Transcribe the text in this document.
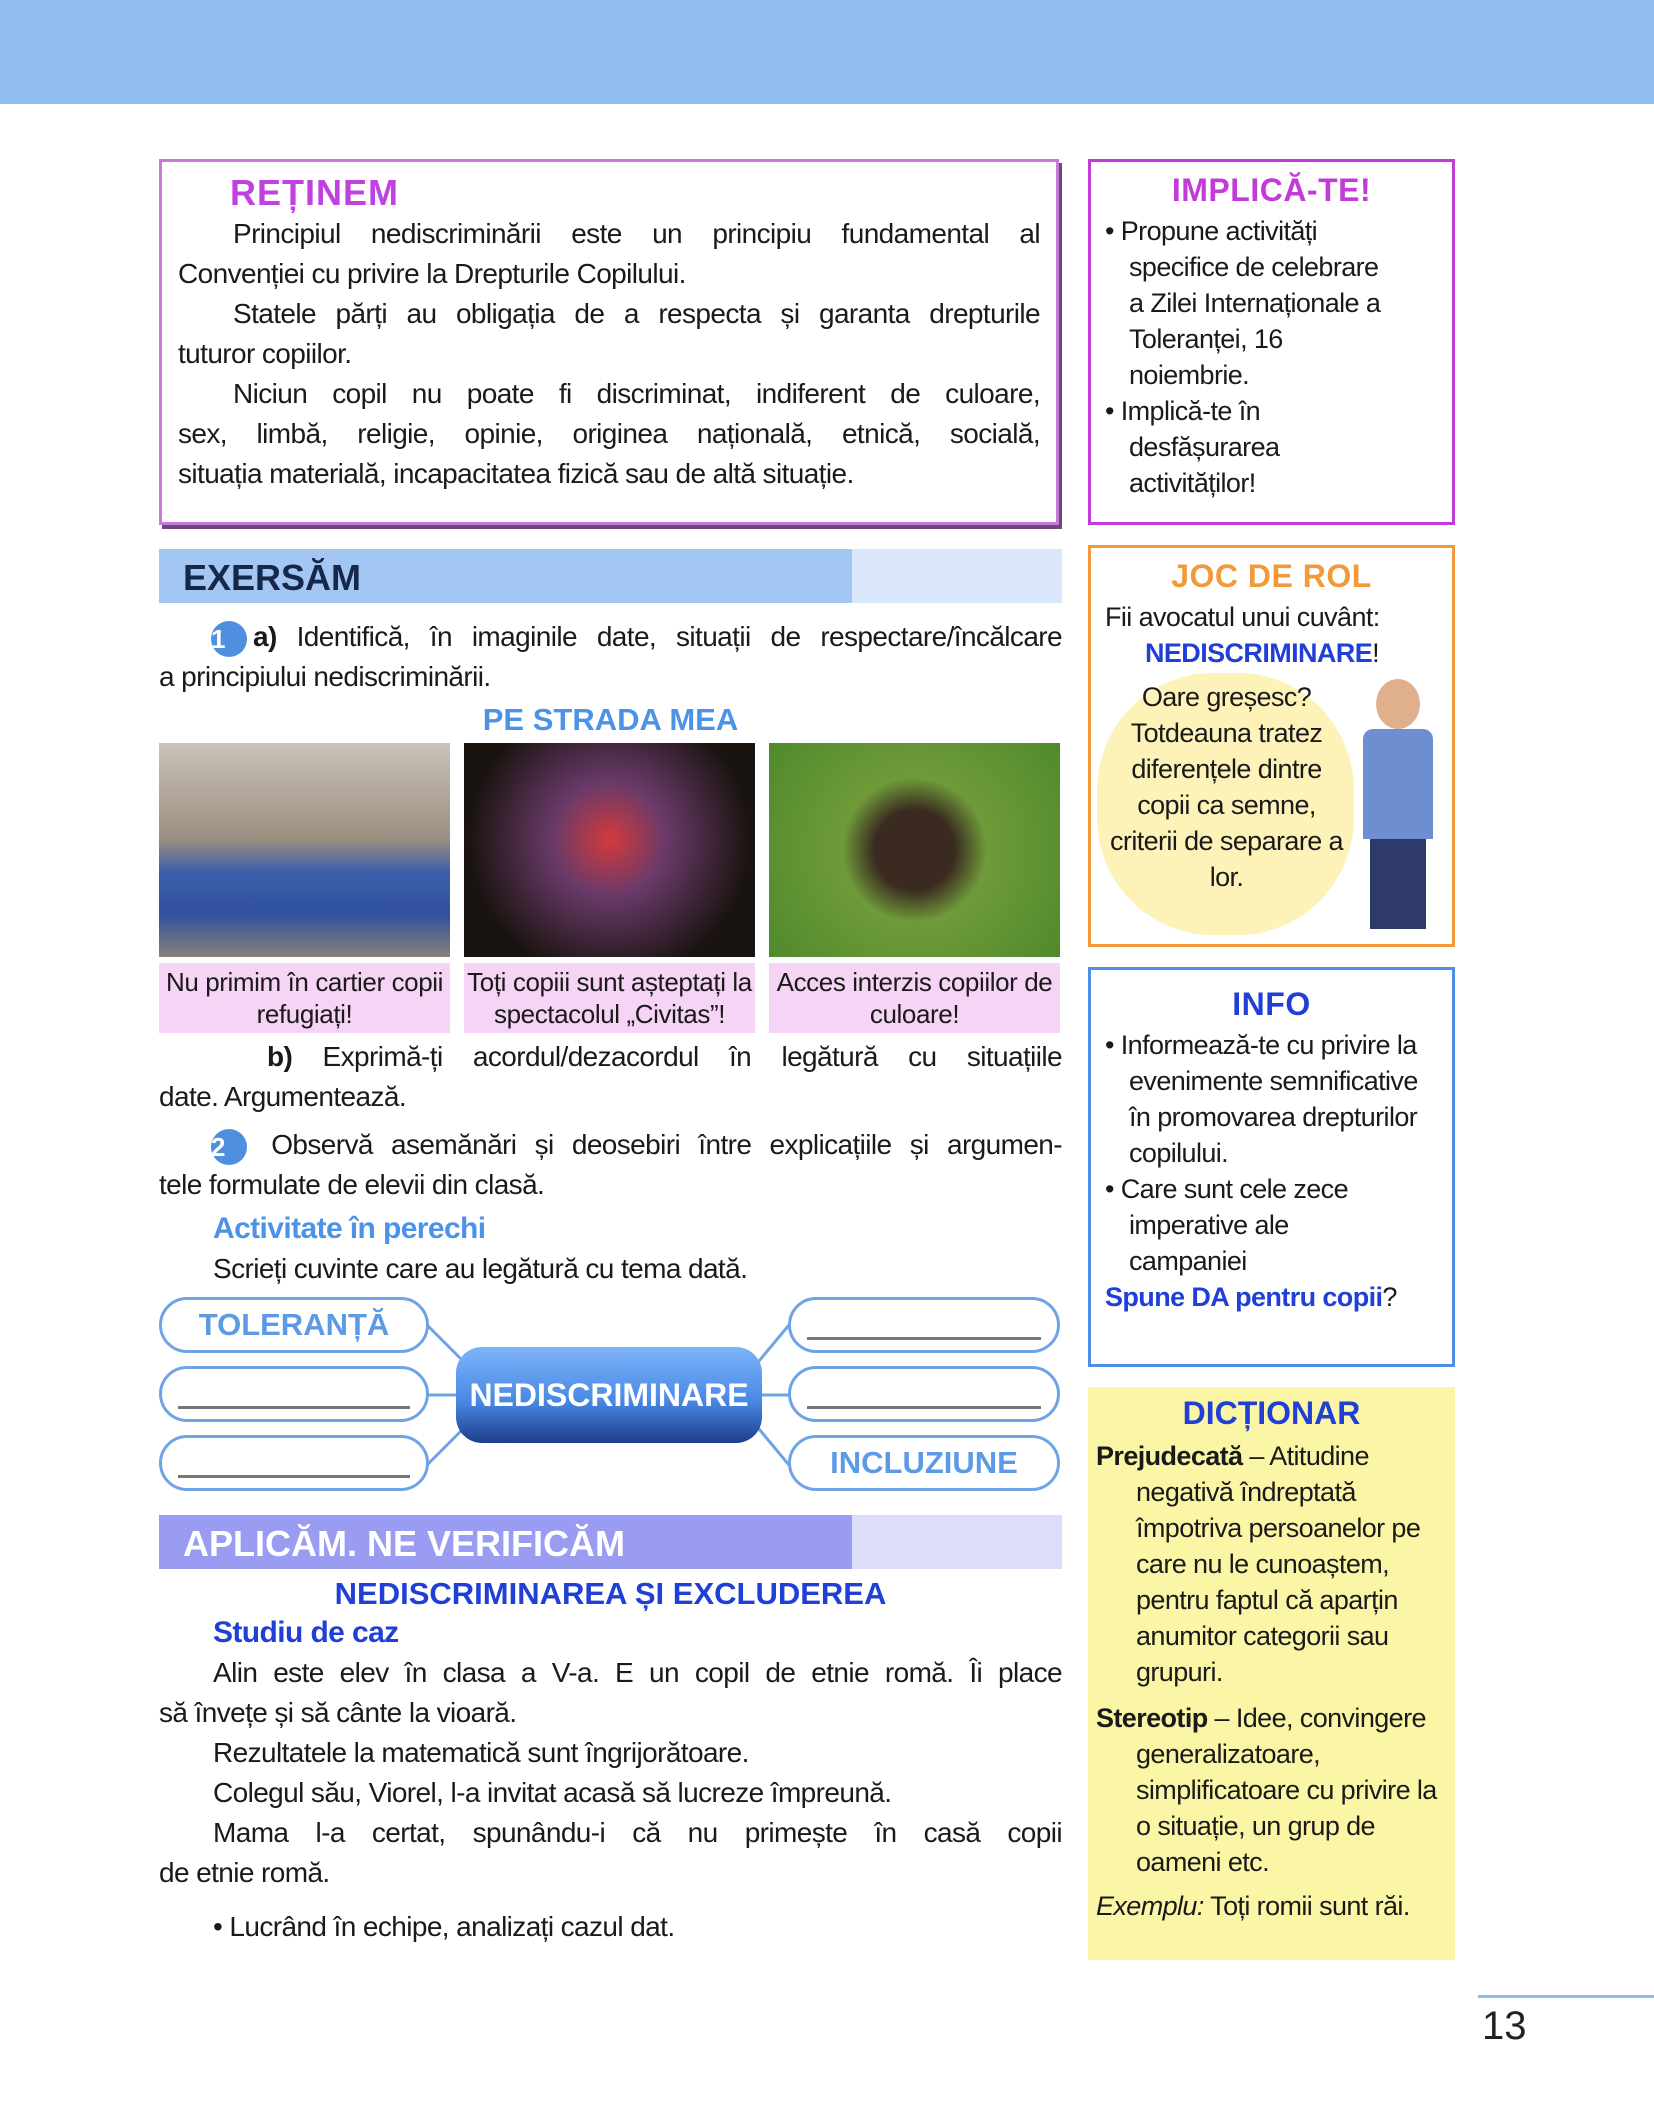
REȚINEM
Principiul nediscriminării este un principiu fundamental al
Convenției cu privire la Drepturile Copilului.
Statele părți au obligația de a respecta și garanta drepturile
tuturor copiilor.
Niciun copil nu poate fi discriminat, indiferent de culoare,
sex, limbă, religie, opinie, originea națională, etnică, socială,
situația materială, incapacitatea fizică sau de altă situație.
EXERSĂM
1 a) Identifică, în imaginile date, situații de respectare/încălcare
a principiului nediscriminării.
PE STRADA MEA
Nu primim în cartier copii refugiați!
Toți copiii sunt așteptați la spectacolul „Civitas”!
Acces interzis copiilor de culoare!
b) Exprimă-ți acordul/dezacordul în legătură cu situațiile
date. Argumentează.
2 Observă asemănări și deosebiri între explicațiile și argumen-
tele formulate de elevii din clasă.
Activitate în perechi
Scrieți cuvinte care au legătură cu tema dată.
TOLERANȚĂ
INCLUZIUNE
NEDISCRIMINARE
APLICĂM. NE VERIFICĂM
NEDISCRIMINAREA ȘI EXCLUDEREA
Studiu de caz
Alin este elev în clasa a V-a. E un copil de etnie romă. Îi place
să învețe și să cânte la vioară.
Rezultatele la matematică sunt îngrijorătoare.
Colegul său, Viorel, l-a invitat acasă să lucreze împreună.
Mama l-a certat, spunându-i că nu primește în casă copii
de etnie romă.
• Lucrând în echipe, analizați cazul dat.
IMPLICĂ-TE!
• Propune activități specifice de celebrare a Zilei Internaționale a Toleranței, 16 noiembrie.
• Implică-te în desfășurarea activităților!
JOC DE ROL
Fii avocatul unui cuvânt:
NEDISCRIMINARE!
Oare greșesc? Totdeauna tratez diferențele dintre copii ca semne, criterii de separare a lor.
INFO
• Informează-te cu privire la evenimente semnificative în promovarea drepturilor copilului.
• Care sunt cele zece imperative ale campaniei
Spune DA pentru copii?
DICȚIONAR
Prejudecată – Atitudine negativă îndreptată împotriva persoanelor pe care nu le cunoaștem, pentru faptul că aparțin anumitor categorii sau grupuri.
Stereotip – Idee, convingere generalizatoare, simplificatoare cu privire la o situație, un grup de oameni etc.
Exemplu: Toți romii sunt răi.
13
